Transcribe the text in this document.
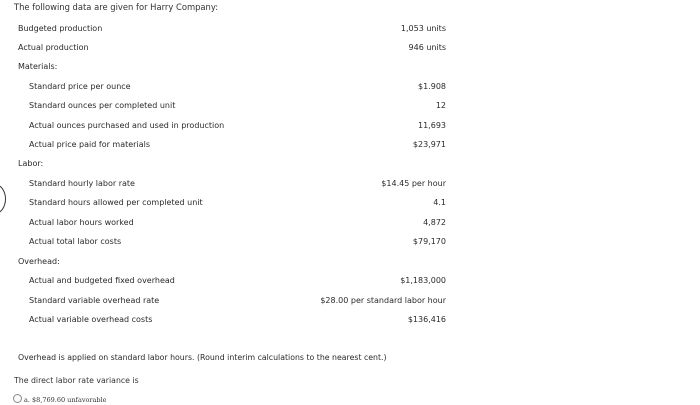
The following data are given for Harry Company:
Budgeted production	1,053 units
Actual production	946 units
Materials:
Standard price per ounce	$1.908
Standard ounces per completed unit	12
Actual ounces purchased and used in production	11,693
Actual price paid for materials	$23,971
Labor:
Standard hourly labor rate	$14.45 per hour
Standard hours allowed per completed unit	4.1
Actual labor hours worked	4,872
Actual total labor costs	$79,170
Overhead:
Actual and budgeted fixed overhead	$1,183,000
Standard variable overhead rate	$28.00 per standard labor hour
Actual variable overhead costs	$136,416
Overhead is applied on standard labor hours. (Round interim calculations to the nearest cent.)
The direct labor rate variance is
a. $8,769.60 unfavorable
